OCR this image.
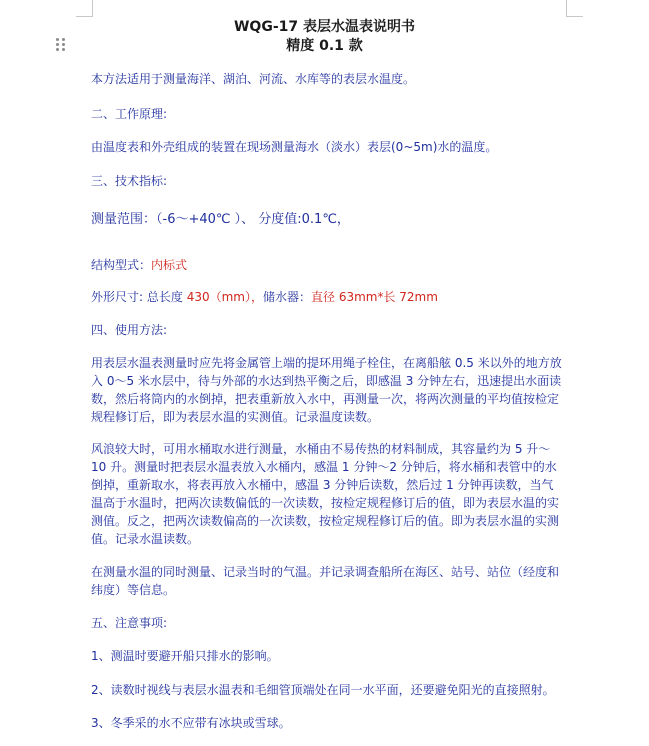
WQG-17 表层水温表说明书
精度 0.1 款

本方法适用于测量海洋、湖泊、河流、水库等的表层水温度。

二、工作原理:

由温度表和外壳组成的装置在现场测量海水（淡水）表层(0~5m)水的温度。

三、技术指标:

测量范围：（-6～+40℃ ）、 分度值:0.1℃，

结构型式：内标式

外形尺寸: 总长度 430（mm），储水器：直径 63mm*长 72mm

四、使用方法:

用表层水温表测量时应先将金属管上端的提环用绳子栓住，在离船舷 0.5 米以外的地方放入 0～5 米水层中，待与外部的水达到热平衡之后，即感温 3 分钟左右，迅速提出水面读数，然后将筒内的水倒掉，把表重新放入水中，再测量一次，将两次测量的平均值按检定规程修订后，即为表层水温的实测值。记录温度读数。

风浪较大时，可用水桶取水进行测量，水桶由不易传热的材料制成，其容量约为 5 升～10 升。测量时把表层水温表放入水桶内，感温 1 分钟～2 分钟后，将水桶和表管中的水倒掉，重新取水，将表再放入水桶中，感温 3 分钟后读数，然后过 1 分钟再读数，当气温高于水温时，把两次读数偏低的一次读数，按检定规程修订后的值，即为表层水温的实测值。反之，把两次读数偏高的一次读数，按检定规程修订后的值。即为表层水温的实测值。记录水温读数。

在测量水温的同时测量、记录当时的气温。并记录调查船所在海区、站号、站位（经度和纬度）等信息。

五、注意事项:

1、测温时要避开船只排水的影响。

2、读数时视线与表层水温表和毛细管顶端处在同一水平面，还要避免阳光的直接照射。

3、冬季采的水不应带有冰块或雪球。
